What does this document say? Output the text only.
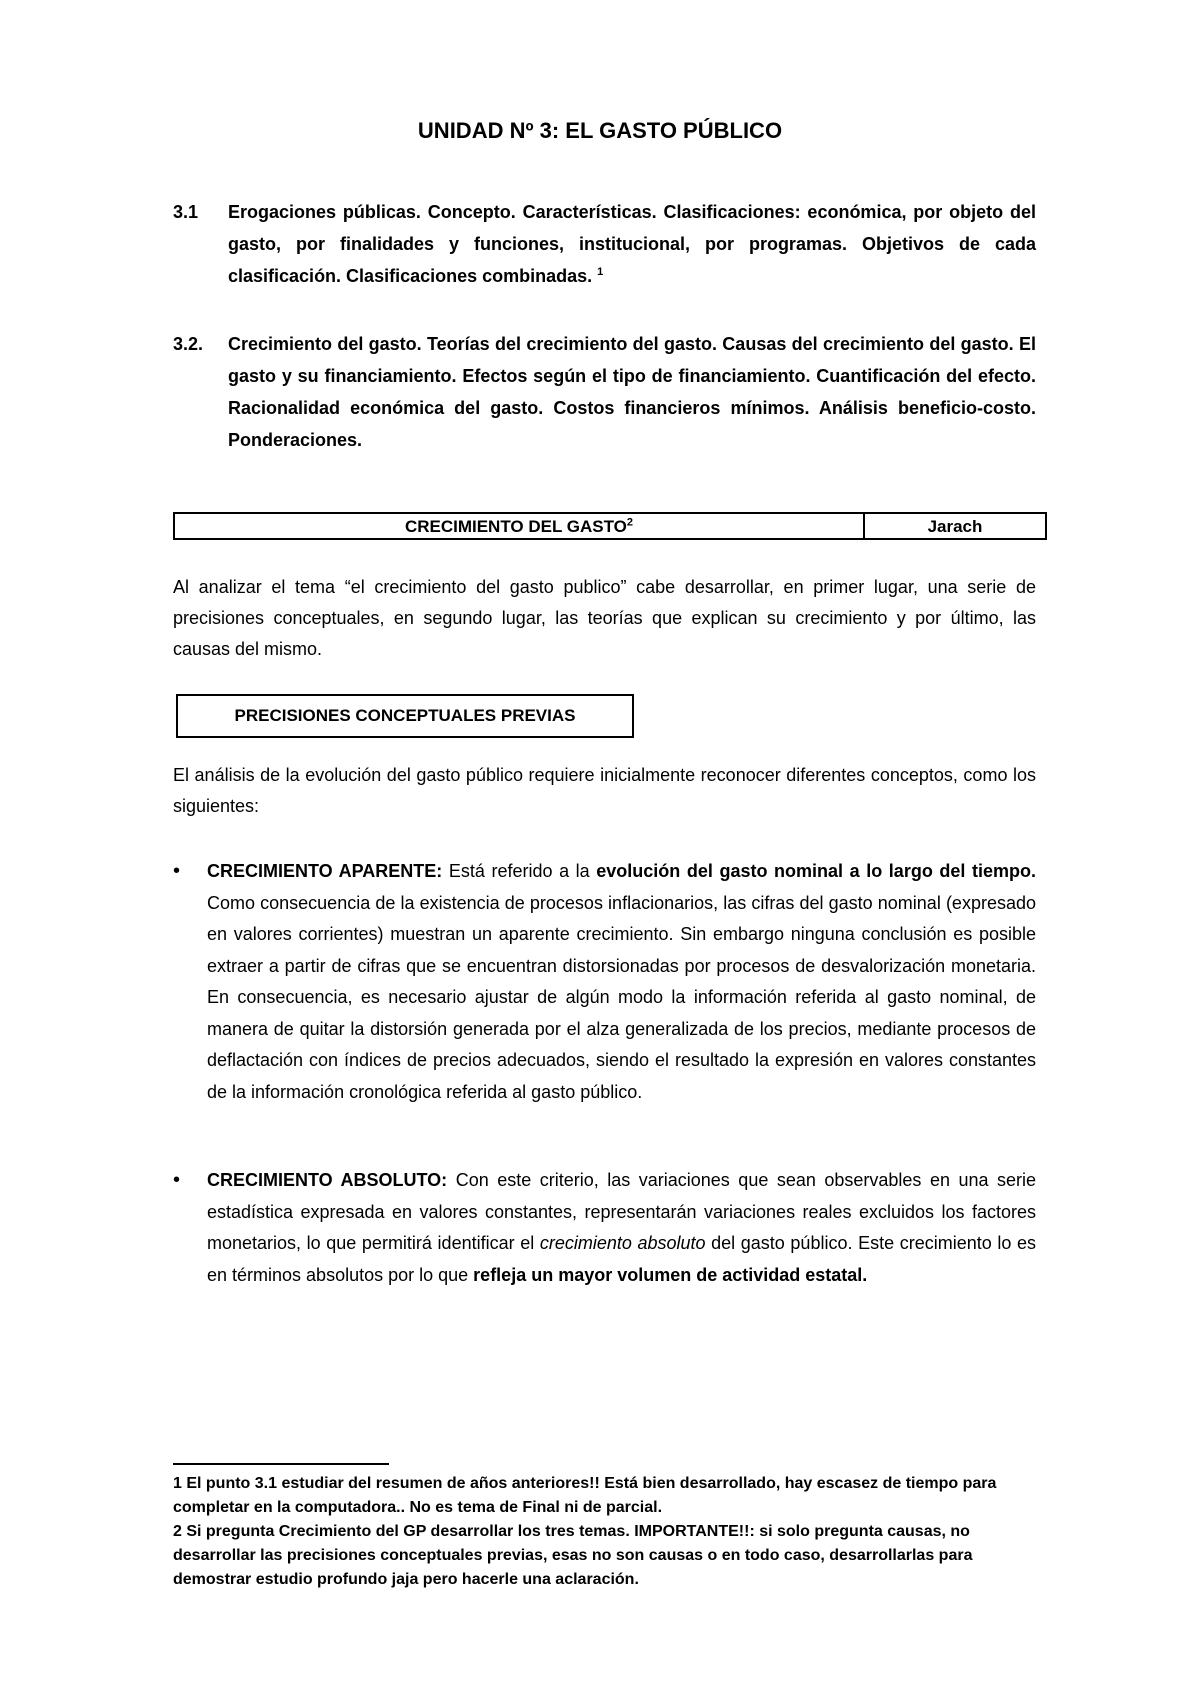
UNIDAD Nº 3: EL GASTO PÚBLICO
3.1 Erogaciones públicas. Concepto. Características. Clasificaciones: económica, por objeto del gasto, por finalidades y funciones, institucional, por programas. Objetivos de cada clasificación. Clasificaciones combinadas. $^1$
3.2. Crecimiento del gasto. Teorías del crecimiento del gasto. Causas del crecimiento del gasto. El gasto y su financiamiento. Efectos según el tipo de financiamiento. Cuantificación del efecto. Racionalidad económica del gasto. Costos financieros mínimos. Análisis beneficio-costo. Ponderaciones.
CRECIMIENTO DEL GASTO$^2$	Jarach
Al analizar el tema “el crecimiento del gasto publico” cabe desarrollar, en primer lugar, una serie de precisiones conceptuales, en segundo lugar, las teorías que explican su crecimiento y por último, las causas del mismo.
PRECISIONES CONCEPTUALES PREVIAS
El análisis de la evolución del gasto público requiere inicialmente reconocer diferentes conceptos, como los siguientes:
• CRECIMIENTO APARENTE: Está referido a la evolución del gasto nominal a lo largo del tiempo. Como consecuencia de la existencia de procesos inflacionarios, las cifras del gasto nominal (expresado en valores corrientes) muestran un aparente crecimiento. Sin embargo ninguna conclusión es posible extraer a partir de cifras que se encuentran distorsionadas por procesos de desvalorización monetaria. En consecuencia, es necesario ajustar de algún modo la información referida al gasto nominal, de manera de quitar la distorsión generada por el alza generalizada de los precios, mediante procesos de deflactación con índices de precios adecuados, siendo el resultado la expresión en valores constantes de la información cronológica referida al gasto público.
• CRECIMIENTO ABSOLUTO: Con este criterio, las variaciones que sean observables en una serie estadística expresada en valores constantes, representarán variaciones reales excluidos los factores monetarios, lo que permitirá identificar el crecimiento absoluto del gasto público. Este crecimiento lo es en términos absolutos por lo que refleja un mayor volumen de actividad estatal.
1 El punto 3.1 estudiar del resumen de años anteriores!! Está bien desarrollado, hay escasez de tiempo para completar en la computadora.. No es tema de Final ni de parcial.
2 Si pregunta Crecimiento del GP desarrollar los tres temas. IMPORTANTE!!: si solo pregunta causas, no desarrollar las precisiones conceptuales previas, esas no son causas o en todo caso, desarrollarlas para demostrar estudio profundo jaja pero hacerle una aclaración.
